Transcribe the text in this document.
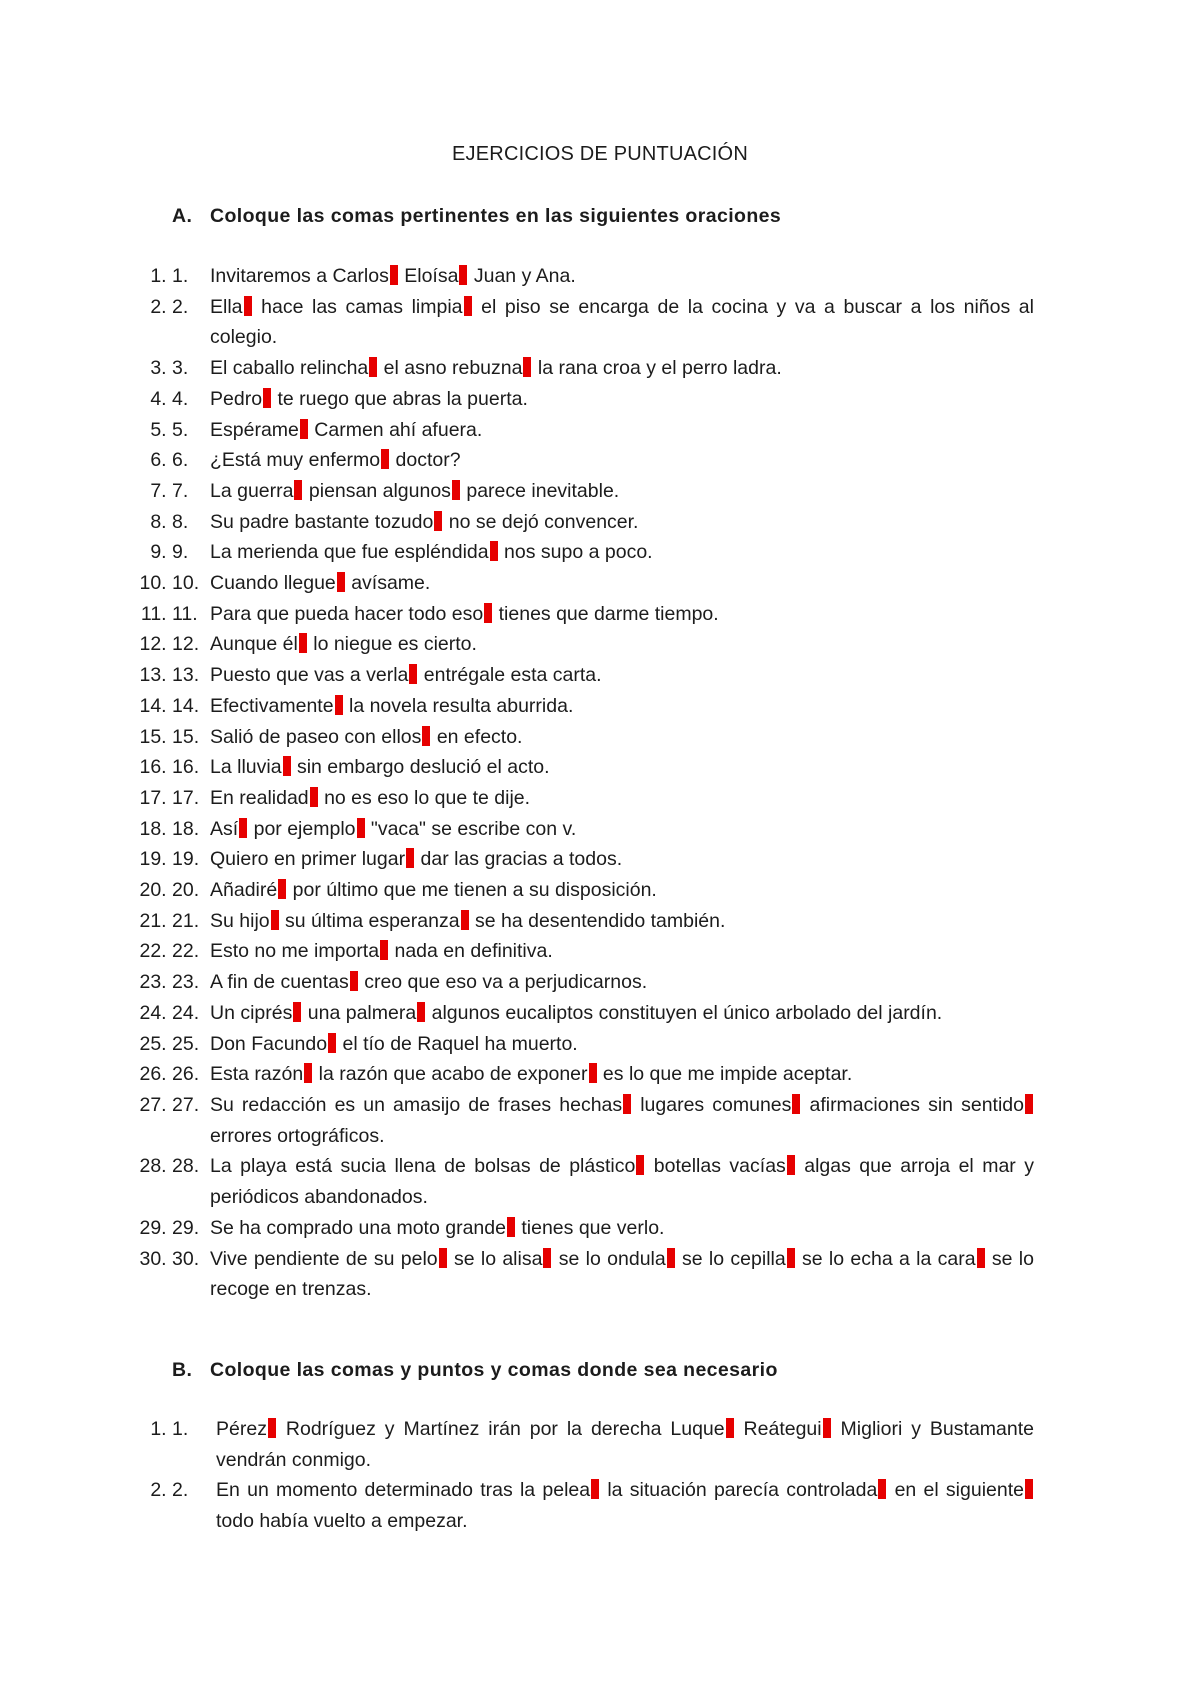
EJERCICIOS DE PUNTUACIÓN
A. Coloque las comas pertinentes en las siguientes oraciones
1. 1. Invitaremos a Carlos Eloísa Juan y Ana.
2. 2. Ella hace las camas limpia el piso se encarga de la cocina y va a buscar a los niños al colegio.
3. 3. El caballo relincha el asno rebuzna la rana croa y el perro ladra.
4. 4. Pedro te ruego que abras la puerta.
5. 5. Espérame Carmen ahí afuera.
6. 6. ¿Está muy enfermo doctor?
7. 7. La guerra piensan algunos parece inevitable.
8. 8. Su padre bastante tozudo no se dejó convencer.
9. 9. La merienda que fue espléndida nos supo a poco.
10. 10. Cuando llegue avísame.
11. 11. Para que pueda hacer todo eso tienes que darme tiempo.
12. 12. Aunque él lo niegue es cierto.
13. 13. Puesto que vas a verla entrégale esta carta.
14. 14. Efectivamente la novela resulta aburrida.
15. 15. Salió de paseo con ellos en efecto.
16. 16. La lluvia sin embargo deslució el acto.
17. 17. En realidad no es eso lo que te dije.
18. 18. Así por ejemplo "vaca" se escribe con v.
19. 19. Quiero en primer lugar dar las gracias a todos.
20. 20. Añadiré por último que me tienen a su disposición.
21. 21. Su hijo su última esperanza se ha desentendido también.
22. 22. Esto no me importa nada en definitiva.
23. 23. A fin de cuentas creo que eso va a perjudicarnos.
24. 24. Un ciprés una palmera algunos eucaliptos constituyen el único arbolado del jardín.
25. 25. Don Facundo el tío de Raquel ha muerto.
26. 26. Esta razón la razón que acabo de exponer es lo que me impide aceptar.
27. 27. Su redacción es un amasijo de frases hechas lugares comunes afirmaciones sin sentido errores ortográficos.
28. 28. La playa está sucia llena de bolsas de plástico botellas vacías algas que arroja el mar y periódicos abandonados.
29. 29. Se ha comprado una moto grande tienes que verlo.
30. 30. Vive pendiente de su pelo se lo alisa se lo ondula se lo cepilla se lo echa a la cara se lo recoge en trenzas.
B. Coloque las comas y puntos y comas donde sea necesario
1. 1. Pérez Rodríguez y Martínez irán por la derecha Luque Reátegui Migliori y Bustamante vendrán conmigo.
2. 2. En un momento determinado tras la pelea la situación parecía controlada en el siguiente todo había vuelto a empezar.
